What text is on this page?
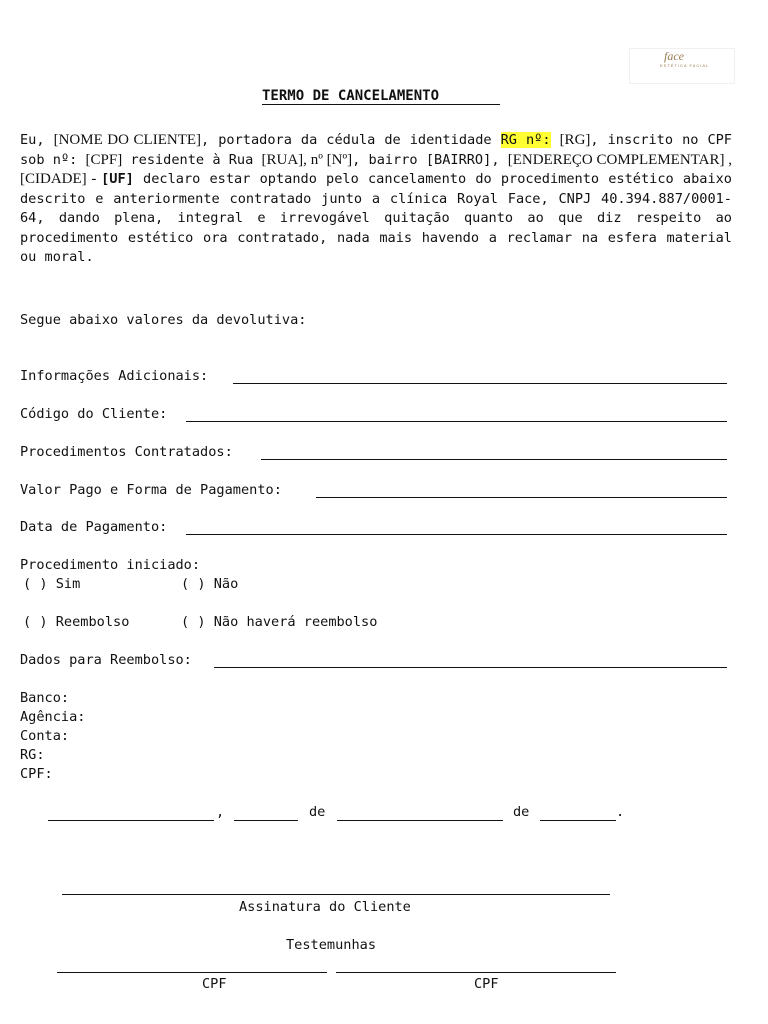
face
ESTÉTICA FACIAL
TERMO DE CANCELAMENTO
Eu, [NOME DO CLIENTE], portadora da cédula de identidade RG nº: [RG], inscrito no CPF sob nº: [CPF] residente à Rua [RUA], nº [Nº], bairro [BAIRRO], [ENDEREÇO COMPLEMENTAR] , [CIDADE] - [UF] declaro estar optando pelo cancelamento do procedimento estético abaixo descrito e anteriormente contratado junto a clínica Royal Face, CNPJ 40.394.887/0001-64, dando plena, integral e irrevogável quitação quanto ao que diz respeito ao procedimento estético ora contratado, nada mais havendo a reclamar na esfera material ou moral.
Segue abaixo valores da devolutiva:
Informações Adicionais:
Código do Cliente:
Procedimentos Contratados:
Valor Pago e Forma de Pagamento:
Data de Pagamento:
Procedimento iniciado:
( ) Sim	( ) Não
( ) Reembolso	( ) Não haverá reembolso
Dados para Reembolso:
Banco:
Agência:
Conta:
RG:
CPF:
,	de	de	.
Assinatura do Cliente
Testemunhas
CPF	CPF
